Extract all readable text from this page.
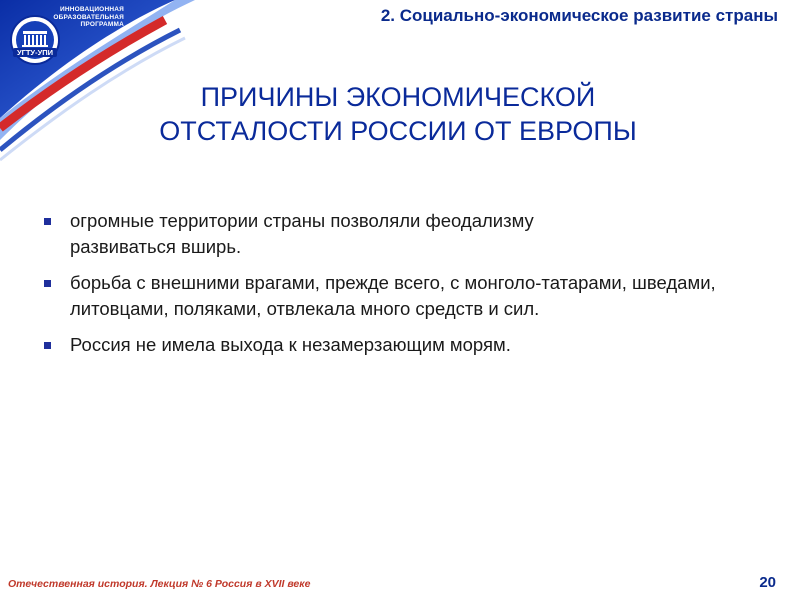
УГТУ-УПИ
ИННОВАЦИОННАЯ
ОБРАЗОВАТЕЛЬНАЯ
ПРОГРАММА	2. Социально-экономическое развитие страны
ПРИЧИНЫ ЭКОНОМИЧЕСКОЙ
ОТСТАЛОСТИ РОССИИ ОТ ЕВРОПЫ
огромные территории страны позволяли феодализму развиваться вширь.
борьба с внешними врагами, прежде всего, с монголо-татарами, шведами, литовцами, поляками, отвлекала много средств и сил.
Россия не имела выхода к незамерзающим морям.
Отечественная история. Лекция № 6 Россия в XVII веке	20
